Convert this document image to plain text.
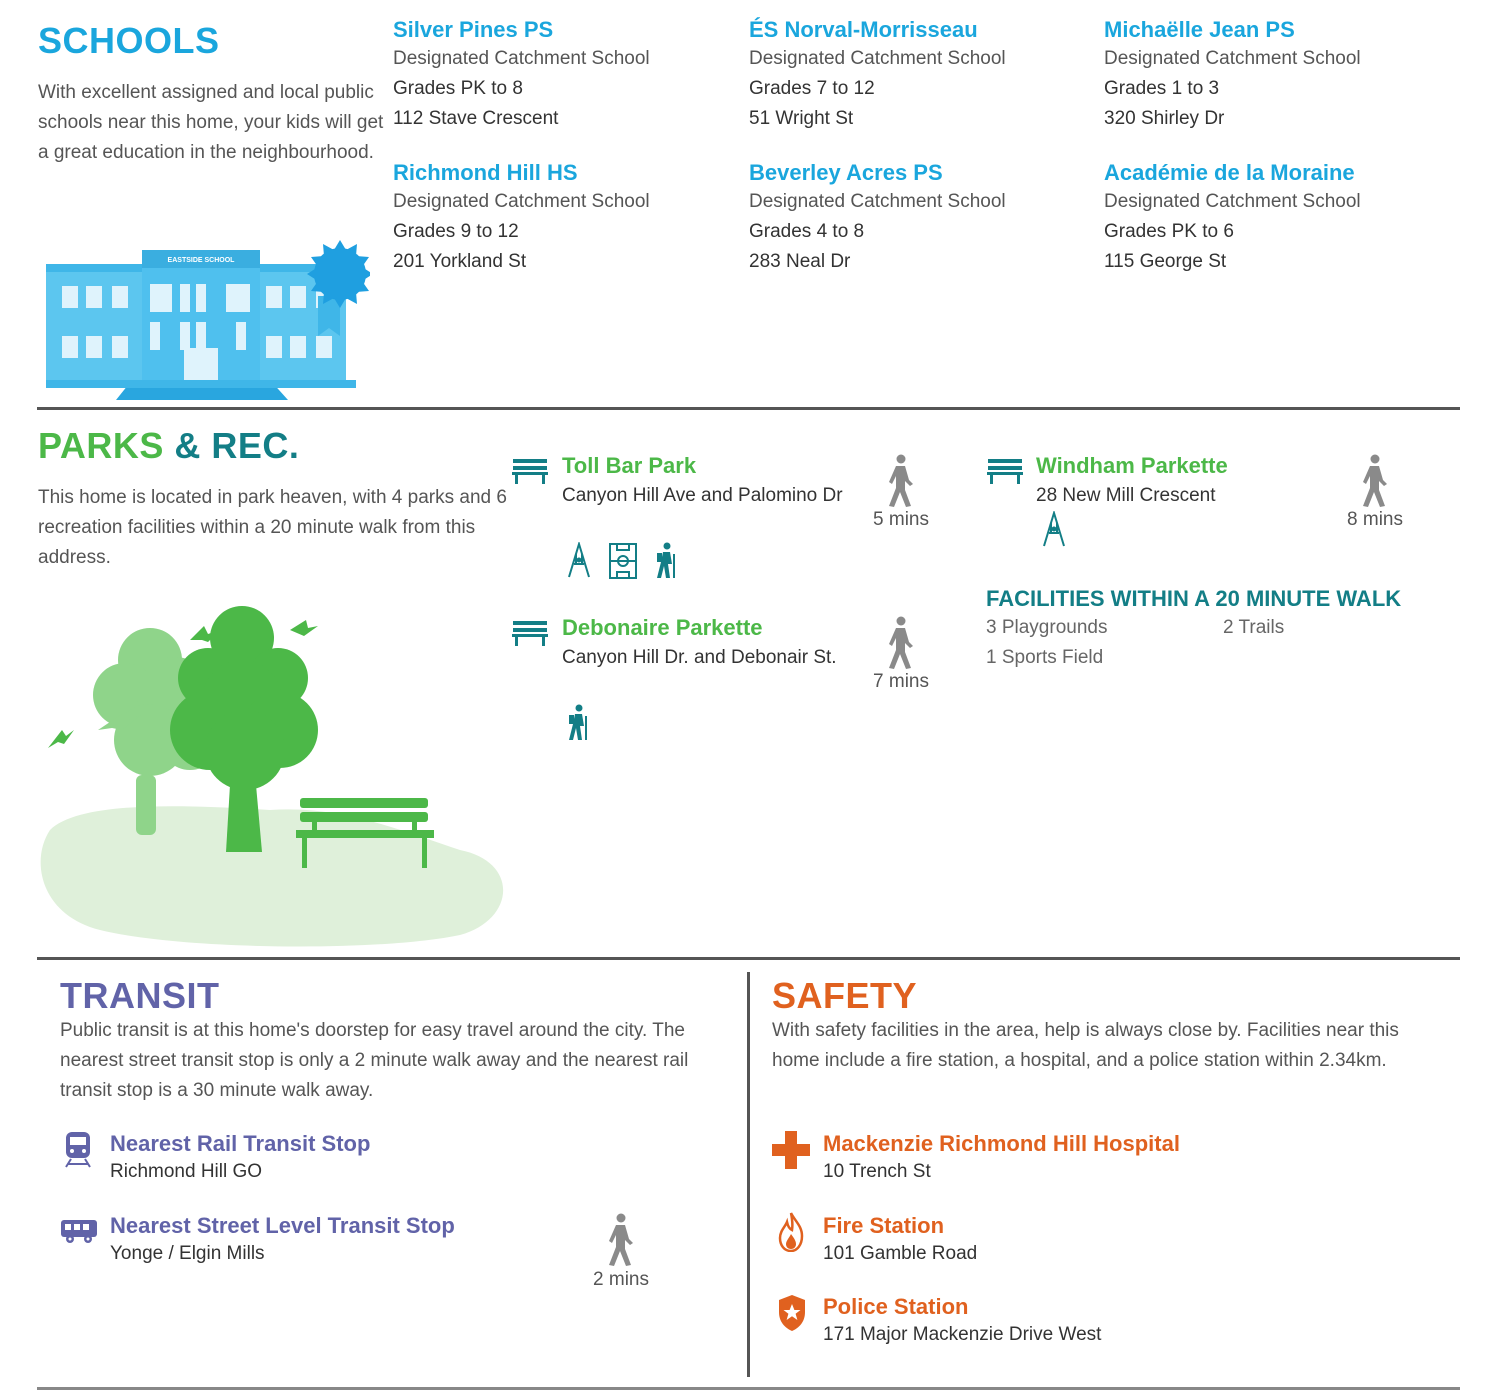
SCHOOLS
With excellent assigned and local public schools near this home, your kids will get a great education in the neighbourhood.
EASTSIDE SCHOOL
Silver Pines PS
Designated Catchment School
Grades PK to 8
112 Stave Crescent
ÉS Norval-Morrisseau
Designated Catchment School
Grades 7 to 12
51 Wright St
Michaëlle Jean PS
Designated Catchment School
Grades 1 to 3
320 Shirley Dr
Richmond Hill HS
Designated Catchment School
Grades 9 to 12
201 Yorkland St
Beverley Acres PS
Designated Catchment School
Grades 4 to 8
283 Neal Dr
Académie de la Moraine
Designated Catchment School
Grades PK to 6
115 George St
PARKS & REC.
This home is located in park heaven, with 4 parks and 6 recreation facilities within a 20 minute walk from this address.
Toll Bar Park
Canyon Hill Ave and Palomino Dr
5 mins
Debonaire Parkette
Canyon Hill Dr. and Debonair St.
7 mins
Windham Parkette
28 New Mill Crescent
8 mins
FACILITIES WITHIN A 20 MINUTE WALK
3 Playgrounds	2 Trails
1 Sports Field
TRANSIT
Public transit is at this home's doorstep for easy travel around the city. The nearest street transit stop is only a 2 minute walk away and the nearest rail transit stop is a 30 minute walk away.
Nearest Rail Transit Stop
Richmond Hill GO
Nearest Street Level Transit Stop
Yonge / Elgin Mills
2 mins
SAFETY
With safety facilities in the area, help is always close by. Facilities near this home include a fire station, a hospital, and a police station within 2.34km.
Mackenzie Richmond Hill Hospital
10 Trench St
Fire Station
101 Gamble Road
Police Station
171 Major Mackenzie Drive West
